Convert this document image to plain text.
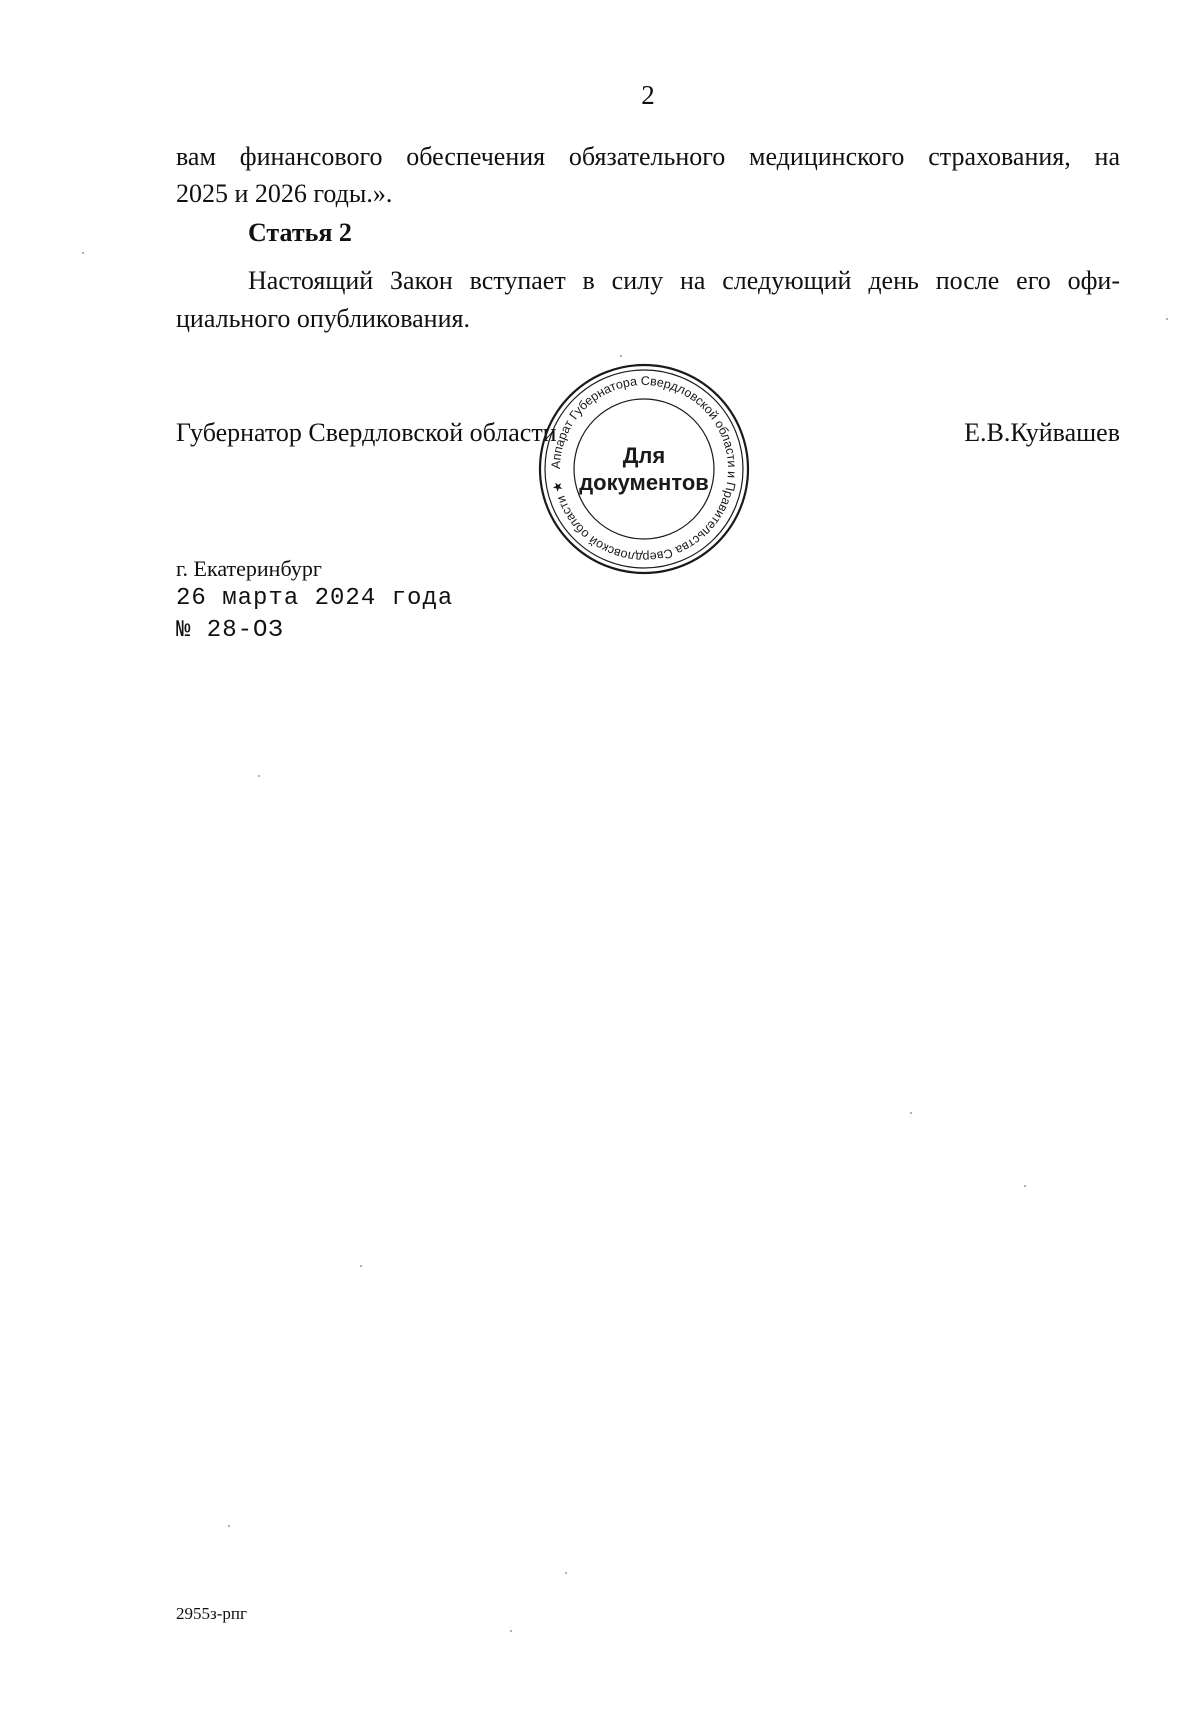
2
вам финансового обеспечения обязательного медицинского страхования, на
2025 и 2026 годы.».
Статья 2
Настоящий Закон вступает в силу на следующий день после его офи-
циального опубликования.
Губернатор Свердловской области	Е.В.Куйвашев
Аппарат Губернатора Свердловской области и Правительства Свердловской области ★
Для
документов
г. Екатеринбург
26 марта 2024 года
№ 28-ОЗ
2955з-рпг
